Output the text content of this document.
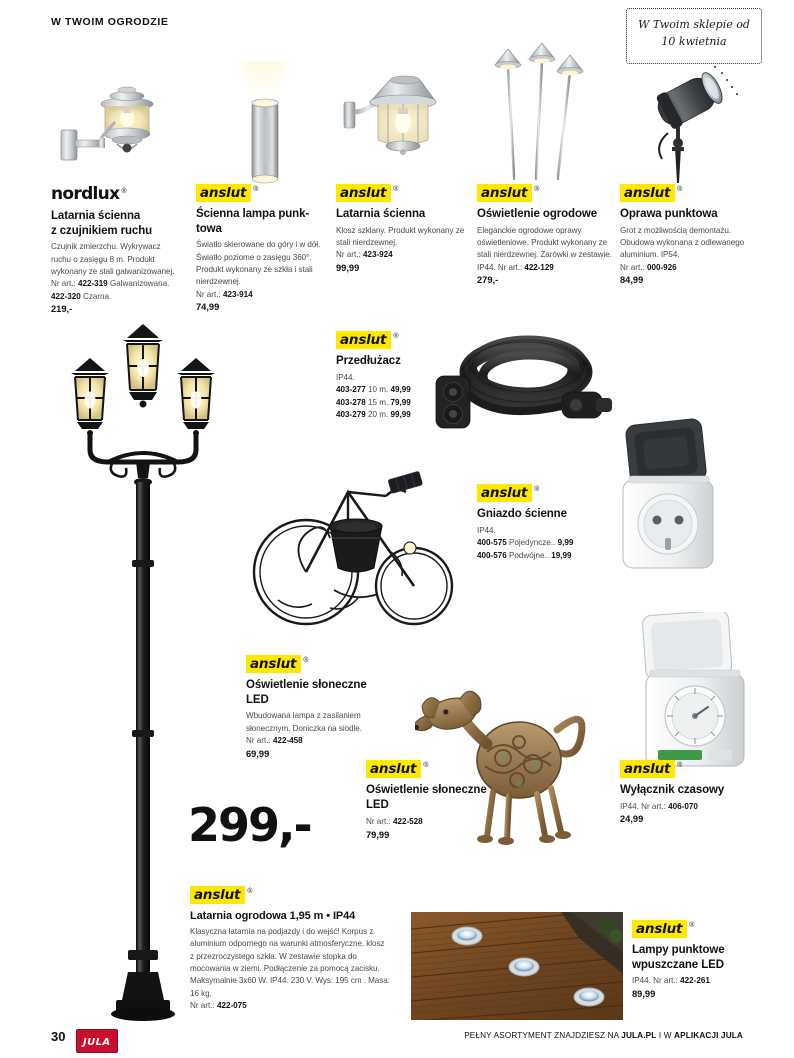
W TWOIM OGRODZIE	W Twoim sklepie od
10 kwietnia
nordlux ®
Latarnia ścienna
z czujnikiem ruchu
Czujnik zmierzchu. Wykrywacz ruchu o zasięgu 8 m. Produkt wykonany ze stali galwanizowanej.
Nr art.: 422-319 Galwanizowana.
422-320 Czarna.
219,-
anslut ®
Ścienna lampa punk-
towa
Światło skierowane do góry i w dół. Światło poziome o zasięgu 360°. Produkt wykonany ze szkła i stali nierdzewnej.
Nr art.: 423-914
74,99
anslut ®
Latarnia ścienna
Klosz szklany. Produkt wykonany ze stali nierdzewnej.
Nr art.: 423-924
99,99
anslut ®
Oświetlenie ogrodowe
Eleganckie ogrodowe oprawy oświetleniowe. Produkt wykonany ze stali nierdzewnej. Żarówki w zestawie. IP44. Nr art.: 422-129
279,-
anslut ®
Oprawa punktowa
Grot z możliwością demontażu. Obudowa wykonana z odlewanego aluminium. IP54.
Nr art.: 000-926
84,99
anslut ®
Przedłużacz
IP44.
403-277 10 m. 49,99
403-278 15 m. 79,99
403-279 20 m. 99,99
anslut ®
Gniazdo ścienne
IP44.
400-575 Pojedyncze.. 9,99
400-576 Podwójne.. 19,99
299,-
anslut ®
Oświetlenie słoneczne
LED
Wbudowana lampa z zasilaniem słonecznym. Doniczka na siodle.
Nr art.: 422-458
69,99
anslut ®
Oświetlenie słoneczne
LED
Nr art.: 422-528
79,99
anslut ®
Wyłącznik czasowy
IP44. Nr art.: 406-070
24,99
anslut ®
Latarnia ogrodowa 1,95 m • IP44
Klasyczna latarnia na podjazdy i do wejść! Korpus z aluminium odpornego na warunki atmosferyczne, klosz z przezroczystego szkła. W zestawie stopka do mocowania w ziemi. Podłączenie za pomocą zacisku. Maksymalnie 3x60 W. IP44. 230 V. Wys: 195 cm . Masa: 16 kg.
Nr art.: 422-075
anslut ®
Lampy punktowe
wpuszczane LED
IP44. Nr art.: 422-261
89,99
30	JULA
PEŁNY ASORTYMENT ZNAJDZIESZ NA JULA.PL I W APLIKACJI JULA
